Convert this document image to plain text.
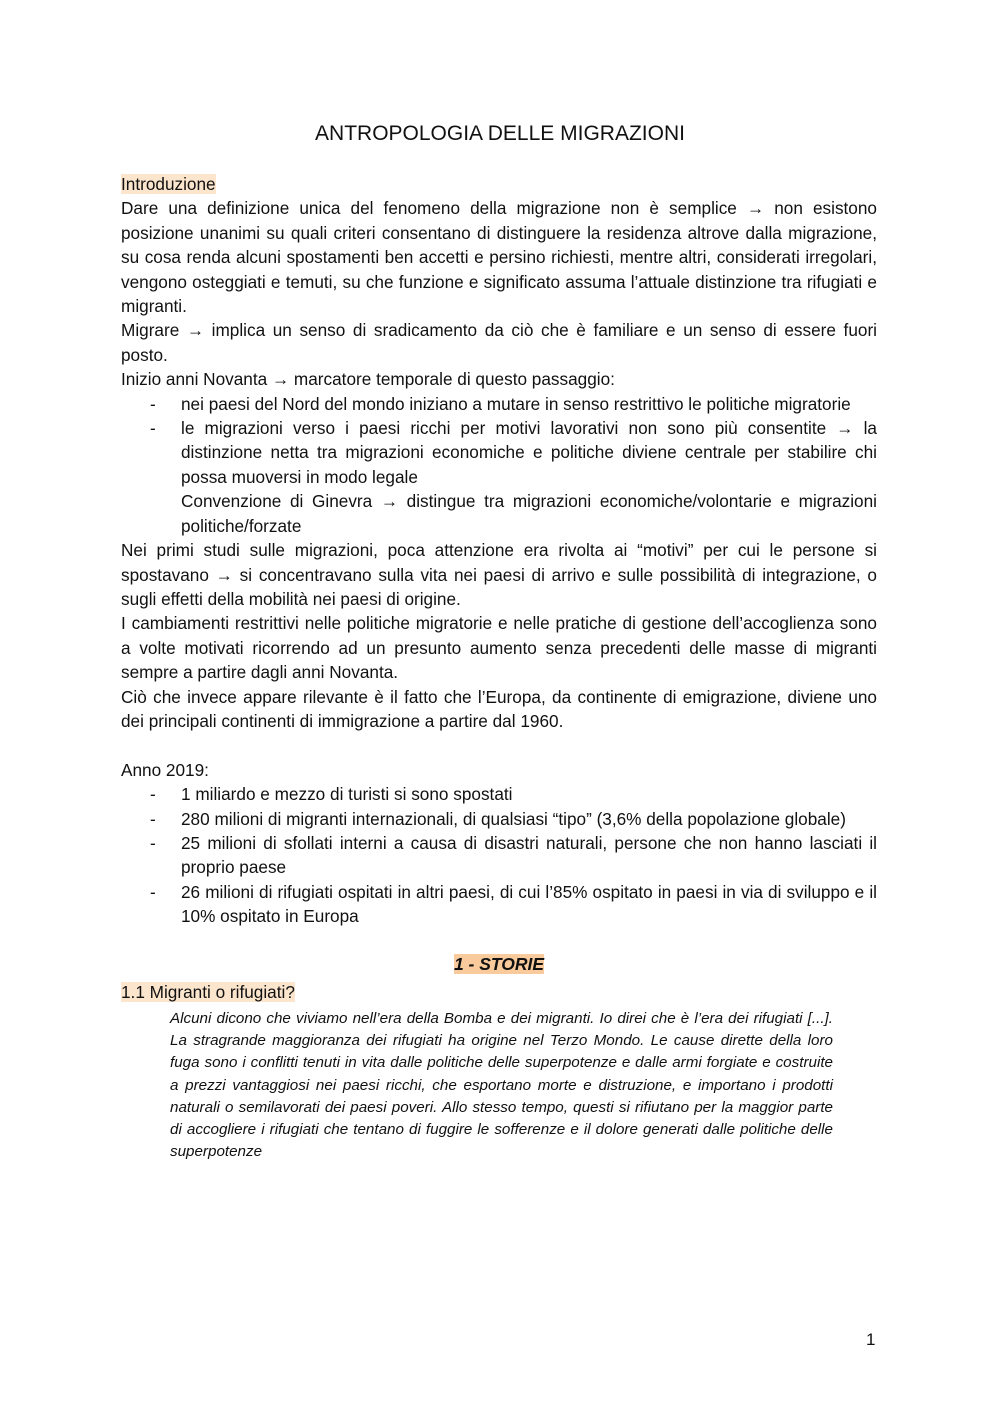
ANTROPOLOGIA DELLE MIGRAZIONI
Introduzione

Dare una definizione unica del fenomeno della migrazione non è semplice → non esistono posizione unanimi su quali criteri consentano di distinguere la residenza altrove dalla migrazione, su cosa renda alcuni spostamenti ben accetti e persino richiesti, mentre altri, considerati irregolari, vengono osteggiati e temuti, su che funzione e significato assuma l’attuale distinzione tra rifugiati e migranti.

Migrare → implica un senso di sradicamento da ciò che è familiare e un senso di essere fuori posto.

Inizio anni Novanta → marcatore temporale di questo passaggio:

- nei paesi del Nord del mondo iniziano a mutare in senso restrittivo le politiche migratorie
- le migrazioni verso i paesi ricchi per motivi lavorativi non sono più consentite → la distinzione netta tra migrazioni economiche e politiche diviene centrale per stabilire chi possa muoversi in modo legale

Convenzione di Ginevra → distingue tra migrazioni economiche/volontarie e migrazioni politiche/forzate

Nei primi studi sulle migrazioni, poca attenzione era rivolta ai “motivi” per cui le persone si spostavano → si concentravano sulla vita nei paesi di arrivo e sulle possibilità di integrazione, o sugli effetti della mobilità nei paesi di origine.

I cambiamenti restrittivi nelle politiche migratorie e nelle pratiche di gestione dell’accoglienza sono a volte motivati ricorrendo ad un presunto aumento senza precedenti delle masse di migranti sempre a partire dagli anni Novanta.

Ciò che invece appare rilevante è il fatto che l’Europa, da continente di emigrazione, diviene uno dei principali continenti di immigrazione a partire dal 1960.

Anno 2019:

- 1 miliardo e mezzo di turisti si sono spostati
- 280 milioni di migranti internazionali, di qualsiasi “tipo” (3,6% della popolazione globale)
- 25 milioni di sfollati interni a causa di disastri naturali, persone che non hanno lasciati il proprio paese
- 26 milioni di rifugiati ospitati in altri paesi, di cui l’85% ospitato in paesi in via di sviluppo e il 10% ospitato in Europa
1 - STORIE
1.1 Migranti o rifugiati?

Alcuni dicono che viviamo nell’era della Bomba e dei migranti. Io direi che è l’era dei rifugiati [...]. La stragrande maggioranza dei rifugiati ha origine nel Terzo Mondo. Le cause dirette della loro fuga sono i conflitti tenuti in vita dalle politiche delle superpotenze e dalle armi forgiate e costruite a prezzi vantaggiosi nei paesi ricchi, che esportano morte e distruzione, e importano i prodotti naturali o semilavorati dei paesi poveri. Allo stesso tempo, questi si rifiutano per la maggior parte di accogliere i rifugiati che tentano di fuggire le sofferenze e il dolore generati dalle politiche delle superpotenze

1
